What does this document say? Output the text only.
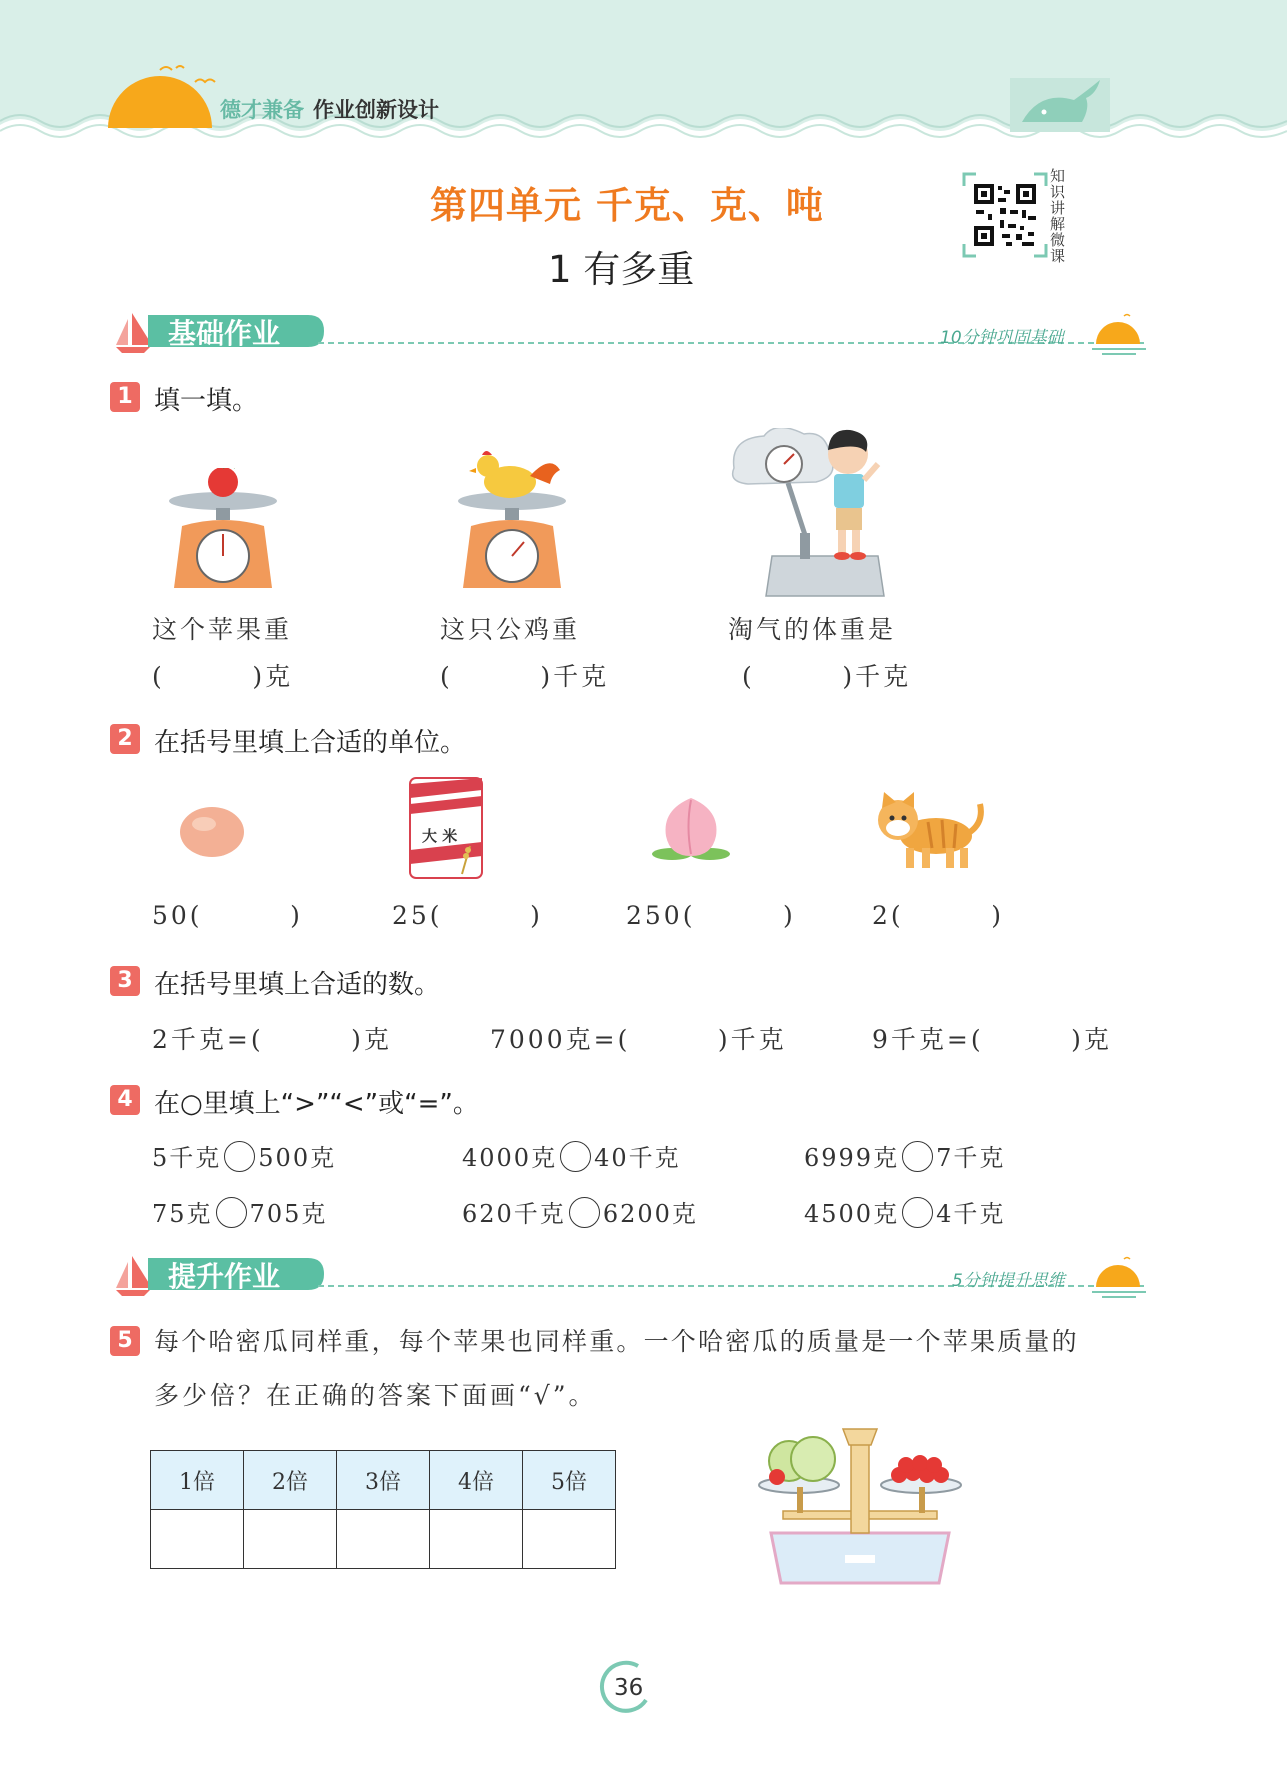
德才兼备 作业创新设计
第四单元 千克、克、吨
1 有多重
知识讲解微课
基础作业	10分钟巩固基础
1 填一填。
这个苹果重
(        )克
这只公鸡重
(        )千克
淘气的体重是
(        )千克
2 在括号里填上合适的单位。
大 米
50(        )	25(        )	250(        )	2(        )
3 在括号里填上合适的数。
2千克=(        )克	7000克=(        )千克	9千克=(        )克
4 在○里填上“>”“<”或“=”。
5千克 500克	4000克 40千克	6999克 7千克
75克 705克	620千克 6200克	4500克 4千克
提升作业	5分钟提升思维
5 每个哈密瓜同样重，每个苹果也同样重。一个哈密瓜的质量是一个苹果质量的
多少倍？在正确的答案下面画“√”。
1倍	2倍	3倍	4倍	5倍

36
